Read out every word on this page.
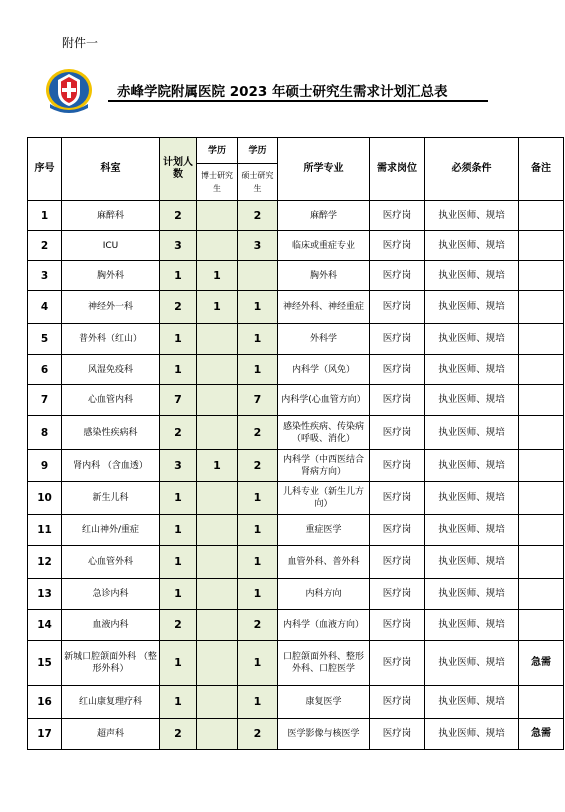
附件一
赤峰学院附属医院 2023 年硕士研究生需求计划汇总表
序号	科室	计划人数	学历	学历	所学专业	需求岗位	必须条件	备注
			博士研究生	硕士研究生				
1	麻醉科	2		2	麻醉学	医疗岗	执业医师、规培	
2	ICU	3		3	临床或重症专业	医疗岗	执业医师、规培	
3	胸外科	1	1		胸外科	医疗岗	执业医师、规培	
4	神经外一科	2	1	1	神经外科、神经重症	医疗岗	执业医师、规培	
5	普外科（红山）	1		1	外科学	医疗岗	执业医师、规培	
6	风湿免疫科	1		1	内科学（风免）	医疗岗	执业医师、规培	
7	心血管内科	7		7	内科学(心血管方向）	医疗岗	执业医师、规培	
8	感染性疾病科	2		2	感染性疾病、传染病（呼吸、消化）	医疗岗	执业医师、规培	
9	肾内科 （含血透）	3	1	2	内科学（中西医结合肾病方向）	医疗岗	执业医师、规培	
10	新生儿科	1		1	儿科专业（新生儿方向）	医疗岗	执业医师、规培	
11	红山神外/重症	1		1	重症医学	医疗岗	执业医师、规培	
12	心血管外科	1		1	血管外科、普外科	医疗岗	执业医师、规培	
13	急诊内科	1		1	内科方向	医疗岗	执业医师、规培	
14	血液内科	2		2	内科学（血液方向）	医疗岗	执业医师、规培	
15	新城口腔颌面外科 （整形外科）	1		1	口腔颌面外科、整形外科、口腔医学	医疗岗	执业医师、规培	急需
16	红山康复理疗科	1		1	康复医学	医疗岗	执业医师、规培	
17	超声科	2		2	医学影像与核医学	医疗岗	执业医师、规培	急需
